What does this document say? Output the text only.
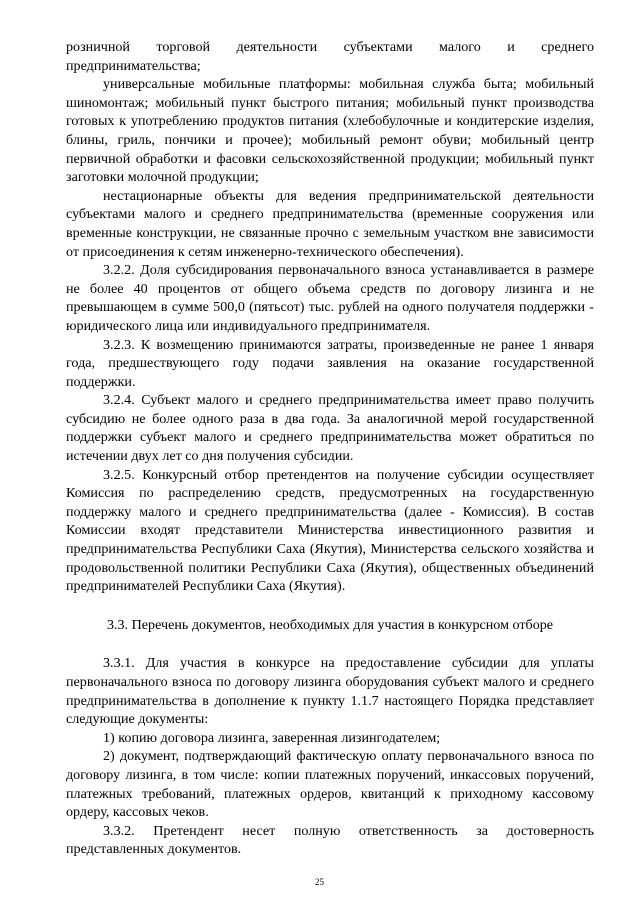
розничной торговой деятельности субъектами малого и среднего предпринимательства;

универсальные мобильные платформы: мобильная служба быта; мобильный шиномонтаж; мобильный пункт быстрого питания; мобильный пункт производства готовых к употреблению продуктов питания (хлебобулочные и кондитерские изделия, блины, гриль, пончики и прочее); мобильный ремонт обуви; мобильный центр первичной обработки и фасовки сельскохозяйственной продукции; мобильный пункт заготовки молочной продукции;

нестационарные объекты для ведения предпринимательской деятельности субъектами малого и среднего предпринимательства (временные сооружения или временные конструкции, не связанные прочно с земельным участком вне зависимости от присоединения к сетям инженерно-технического обеспечения).

3.2.2. Доля субсидирования первоначального взноса устанавливается в размере не более 40 процентов от общего объема средств по договору лизинга и не превышающем в сумме 500,0 (пятьсот) тыс. рублей на одного получателя поддержки - юридического лица или индивидуального предпринимателя.

3.2.3. К возмещению принимаются затраты, произведенные не ранее 1 января года, предшествующего году подачи заявления на оказание государственной поддержки.

3.2.4. Субъект малого и среднего предпринимательства имеет право получить субсидию не более одного раза в два года. За аналогичной мерой государственной поддержки субъект малого и среднего предпринимательства может обратиться по истечении двух лет со дня получения субсидии.

3.2.5. Конкурсный отбор претендентов на получение субсидии осуществляет Комиссия по распределению средств, предусмотренных на государственную поддержку малого и среднего предпринимательства (далее - Комиссия). В состав Комиссии входят представители Министерства инвестиционного развития и предпринимательства Республики Саха (Якутия), Министерства сельского хозяйства и продовольственной политики Республики Саха (Якутия), общественных объединений предпринимателей Республики Саха (Якутия).

3.3. Перечень документов, необходимых для участия в конкурсном отборе

3.3.1. Для участия в конкурсе на предоставление субсидии для уплаты первоначального взноса по договору лизинга оборудования субъект малого и среднего предпринимательства в дополнение к пункту 1.1.7 настоящего Порядка представляет следующие документы:

1) копию договора лизинга, заверенная лизингодателем;

2) документ, подтверждающий фактическую оплату первоначального взноса по договору лизинга, в том числе: копии платежных поручений, инкассовых поручений, платежных требований, платежных ордеров, квитанций к приходному кассовому ордеру, кассовых чеков.

3.3.2. Претендент несет полную ответственность за достоверность представленных документов.

25
